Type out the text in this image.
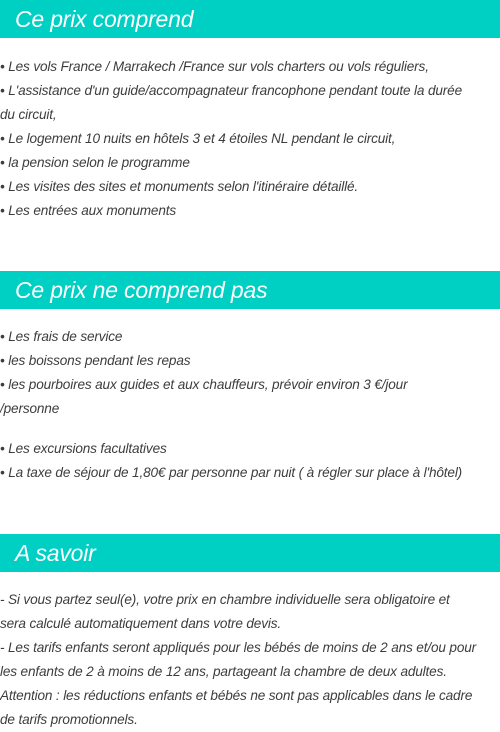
Ce prix comprend
• Les vols France / Marrakech /France sur vols charters ou vols réguliers,
• L'assistance d'un guide/accompagnateur francophone pendant toute la durée
du circuit,
• Le logement 10 nuits en hôtels 3 et 4 étoiles NL pendant le circuit,
• la pension selon le programme
• Les visites des sites et monuments selon l'itinéraire détaillé.
• Les entrées aux monuments
Ce prix ne comprend pas
• Les frais de service
• les boissons pendant les repas
• les pourboires aux guides et aux chauffeurs, prévoir environ 3 €/jour
/personne
• Les excursions facultatives
• La taxe de séjour de 1,80€ par personne par nuit ( à régler sur place à l'hôtel)
A savoir
- Si vous partez seul(e), votre prix en chambre individuelle sera obligatoire et
sera calculé automatiquement dans votre devis.
- Les tarifs enfants seront appliqués pour les bébés de moins de 2 ans et/ou pour
les enfants de 2 à moins de 12 ans, partageant la chambre de deux adultes.
Attention : les réductions enfants et bébés ne sont pas applicables dans le cadre
de tarifs promotionnels.
